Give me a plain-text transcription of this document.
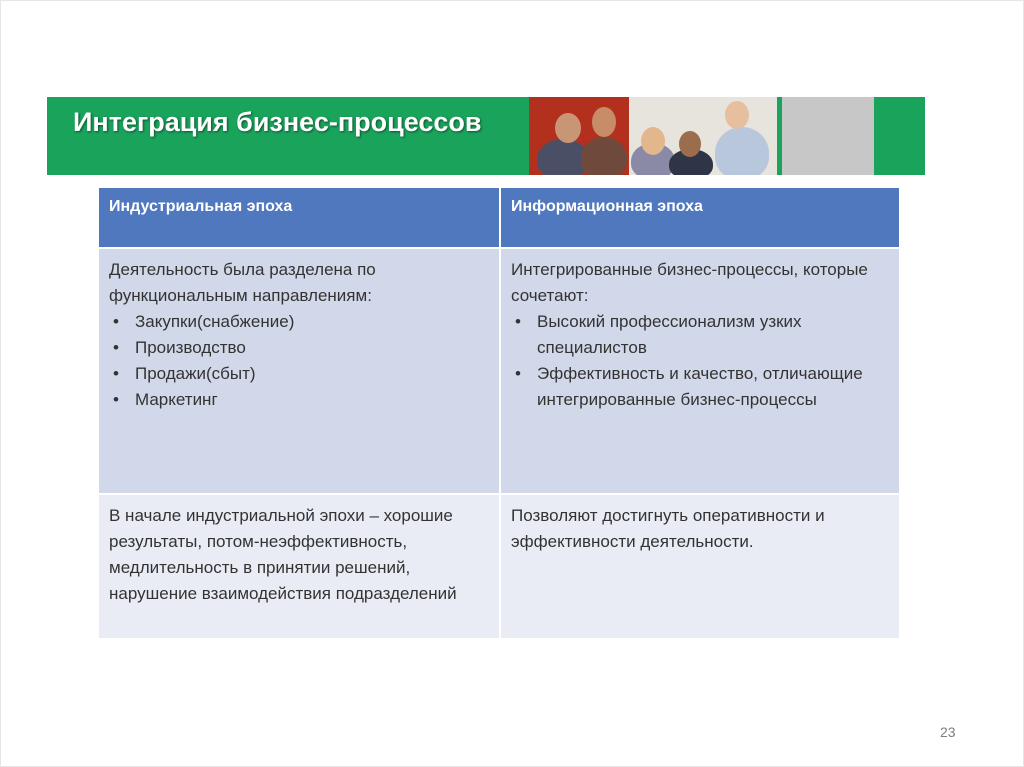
Интеграция бизнес-процессов
Индустриальная эпоха	Информационная эпоха
Деятельность была разделена по функциональным направлениям:
• Закупки(снабжение)
• Производство
• Продажи(сбыт)
• Маркетинг
Интегрированные бизнес-процессы, которые сочетают:
• Высокий профессионализм узких специалистов
• Эффективность и качество, отличающие интегрированные бизнес-процессы
В начале индустриальной эпохи – хорошие результаты, потом-неэффективность, медлительность в принятии решений, нарушение взаимодействия подразделений
Позволяют достигнуть оперативности и эффективности деятельности.
23
